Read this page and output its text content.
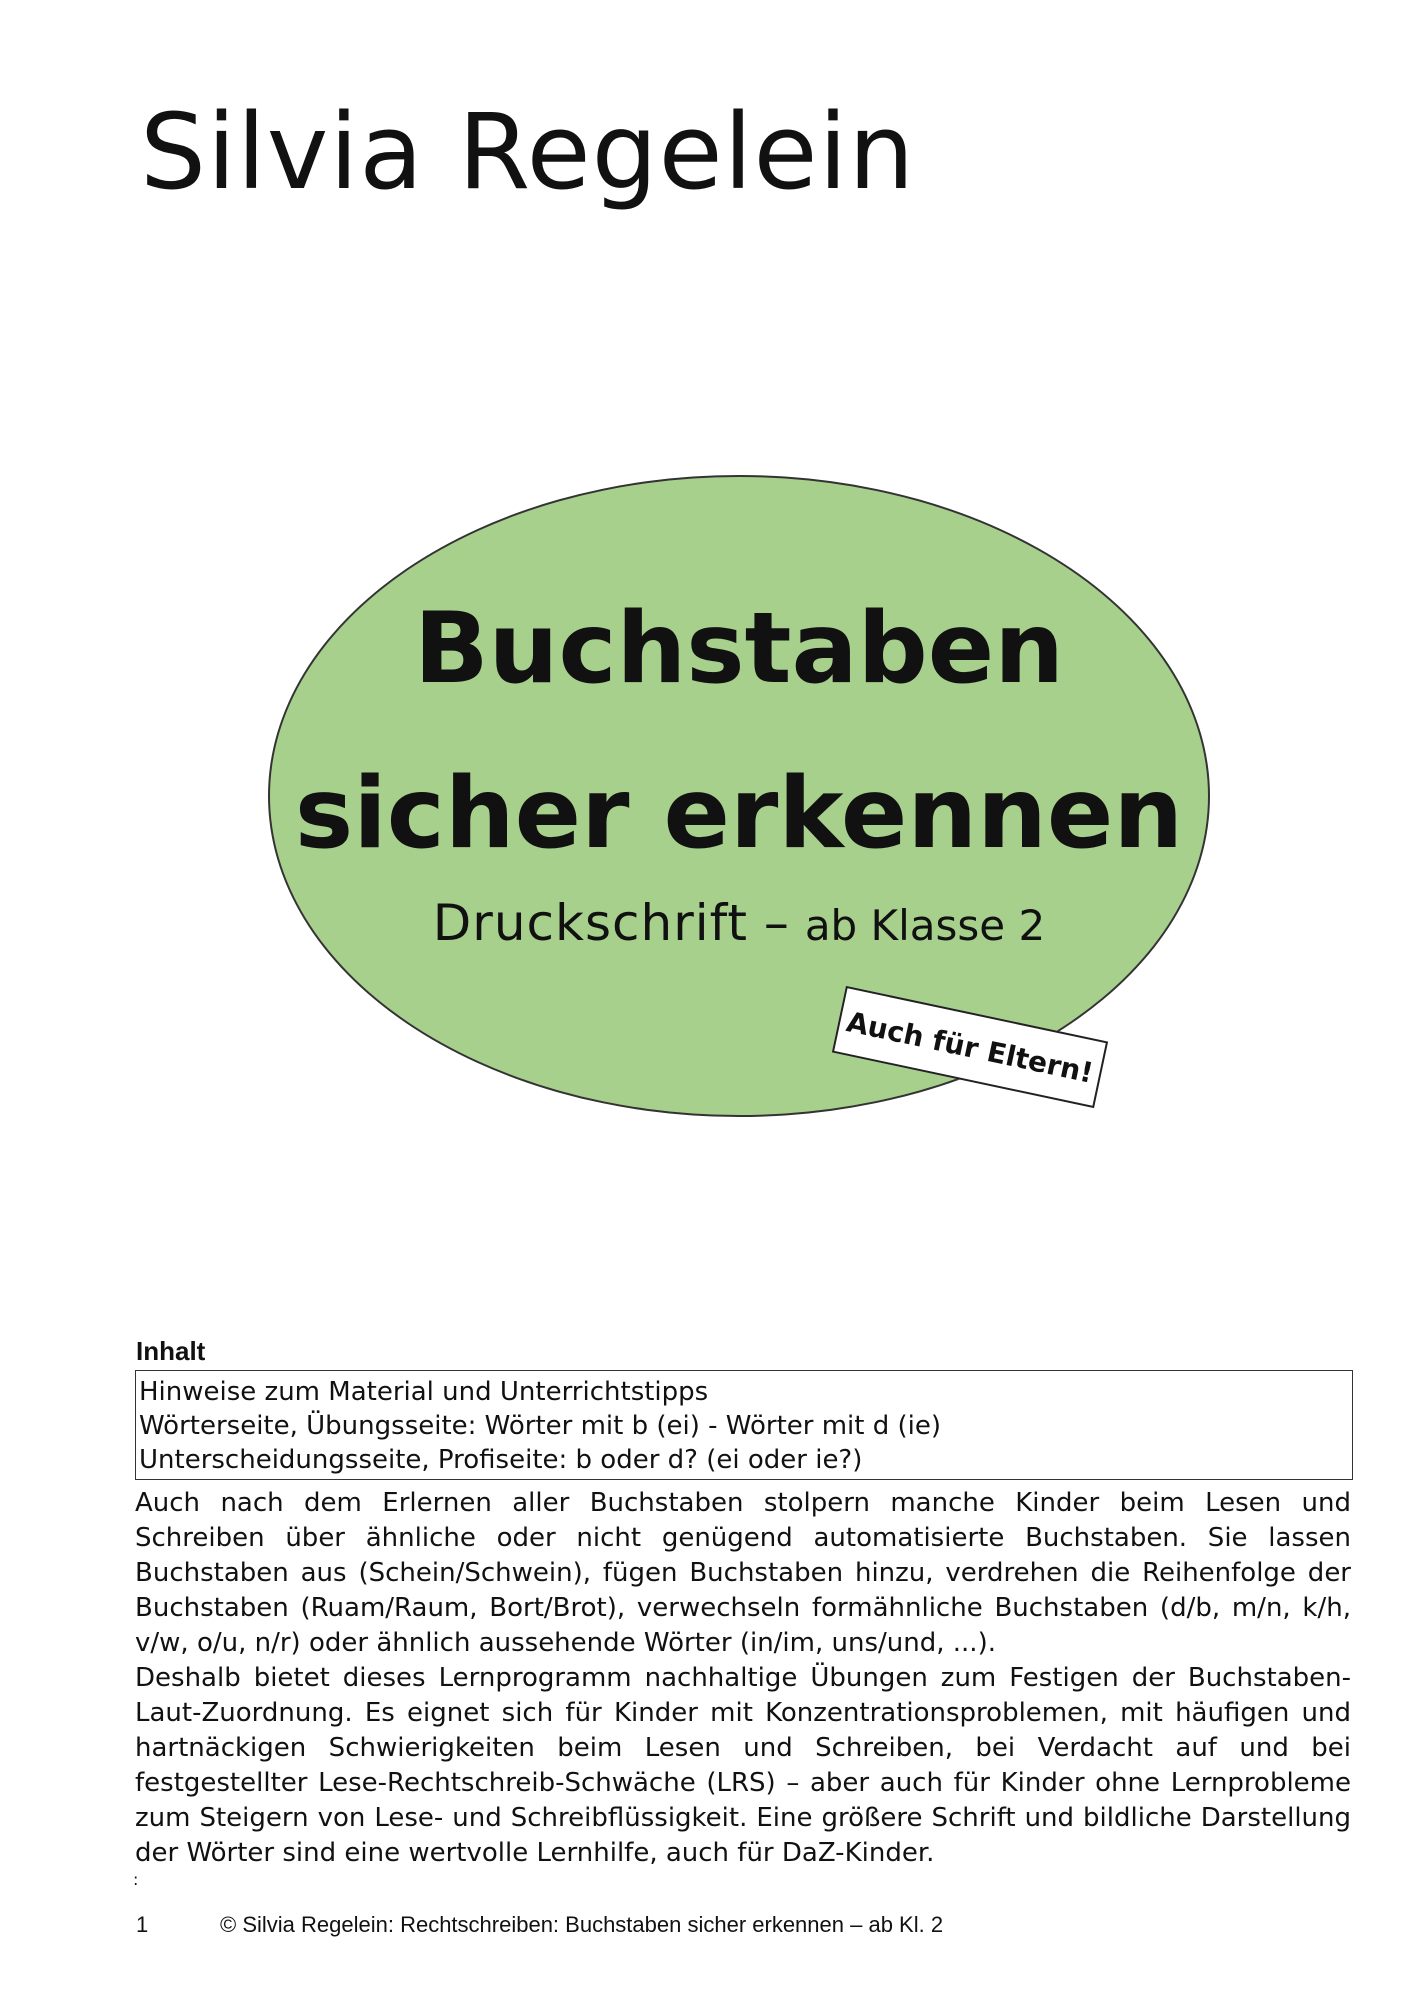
Silvia Regelein
Buchstaben
sicher erkennen
Druckschrift – ab Klasse 2
Auch für Eltern!
Inhalt
Hinweise zum Material und Unterrichtstipps
Wörterseite, Übungsseite: Wörter mit b (ei) - Wörter mit d (ie)
Unterscheidungsseite, Profiseite: b oder d? (ei oder ie?)

Auch nach dem Erlernen aller Buchstaben stolpern manche Kinder beim Lesen und Schreiben über ähnliche oder nicht genügend automatisierte Buchstaben. Sie lassen Buchstaben aus (Schein/Schwein), fügen Buchstaben hinzu, verdrehen die Reihenfolge der Buchstaben (Ruam/Raum, Bort/Brot), verwechseln formähnliche Buchstaben (d/b, m/n, k/h, v/w, o/u, n/r) oder ähnlich aussehende Wörter (in/im, uns/und, ...).

Deshalb bietet dieses Lernprogramm nachhaltige Übungen zum Festigen der Buchstaben-Laut-Zuordnung. Es eignet sich für Kinder mit Konzentrationsproblemen, mit häufigen und hartnäckigen Schwierigkeiten beim Lesen und Schreiben, bei Verdacht auf und bei festgestellter Lese-Rechtschreib-Schwäche (LRS) – aber auch für Kinder ohne Lernprobleme zum Steigern von Lese- und Schreibflüssigkeit. Eine größere Schrift und bildliche Darstellung der Wörter sind eine wertvolle Lernhilfe, auch für DaZ-Kinder.

:
1	© Silvia Regelein: Rechtschreiben: Buchstaben sicher erkennen – ab Kl. 2
